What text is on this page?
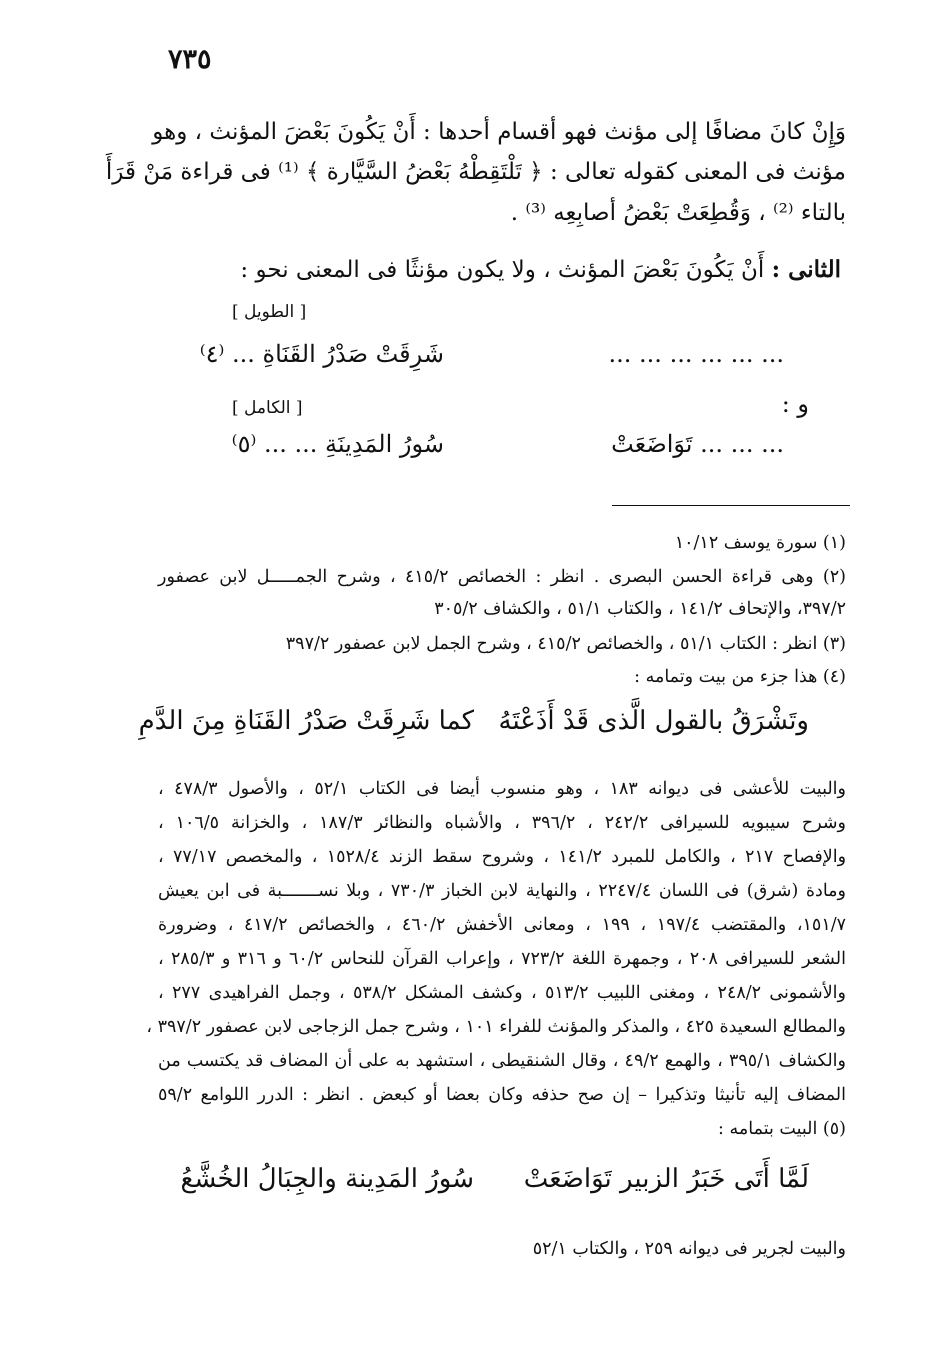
٧٣٥
وَإِنْ كانَ مضافًا إلى مؤنث فهو أقسام أحدها : أَنْ يَكُونَ بَعْضَ المؤنث ، وهو
مؤنث فى المعنى كقوله تعالى : ﴿ تَلْتَقِطْهُ بَعْضُ السَّيَّارة ﴾ ⁽¹⁾ فى قراءة مَنْ قَرَأَ
بالتاء ⁽²⁾ ، وَقُطِعَتْ بَعْضُ أصابِعِه ⁽³⁾ .
الثانى : أَنْ يَكُونَ بَعْضَ المؤنث ، ولا يكون مؤنثًا فى المعنى نحو :
[ الطويل ]
... ... ... ... ... ...
شَرِقَتْ صَدْرُ القَنَاةِ ... ⁽٤⁾
و :
[ الكامل ]
... ... ... تَوَاضَعَتْ
سُورُ المَدِينَةِ ... ... ⁽٥⁾
(١) سورة يوسف ١٠/١٢
(٢) وهى قراءة الحسن البصرى . انظر : الخصائص ٤١٥/٢ ، وشرح الجمـــــل لابن عصفور
٣٩٧/٢، والإتحاف ١٤١/٢ ، والكتاب ٥١/١ ، والكشاف ٣٠٥/٢
(٣) انظر : الكتاب ٥١/١ ، والخصائص ٤١٥/٢ ، وشرح الجمل لابن عصفور ٣٩٧/٢
(٤) هذا جزء من بيت وتمامه :
وتَشْرَقُ بالقول الَّذى قَدْ أَذَعْتَهُ
كما شَرِقَتْ صَدْرُ القَنَاةِ مِنَ الدَّمِ
والبيت للأعشى فى ديوانه ١٨٣ ، وهو منسوب أيضا فى الكتاب ٥٢/١ ، والأصول ٤٧٨/٣ ،
وشرح سيبويه للسيرافى ٢٤٢/٢ ، ٣٩٦/٢ ، والأشباه والنظائر ١٨٧/٣ ، والخزانة ١٠٦/٥ ،
والإفصاح ٢١٧ ، والكامل للمبرد ١٤١/٢ ، وشروح سقط الزند ١٥٢٨/٤ ، والمخصص ٧٧/١٧ ،
ومادة (شرق) فى اللسان ٢٢٤٧/٤ ، والنهاية لابن الخباز ٧٣٠/٣ ، وبلا نســـــــبة فى ابن يعيش
١٥١/٧، والمقتضب ١٩٧/٤ ، ١٩٩ ، ومعانى الأخفش ٤٦٠/٢ ، والخصائص ٤١٧/٢ ، وضرورة
الشعر للسيرافى ٢٠٨ ، وجمهرة اللغة ٧٢٣/٢ ، وإعراب القرآن للنحاس ٦٠/٢ و ٣١٦ و ٢٨٥/٣ ،
والأشمونى ٢٤٨/٢ ، ومغنى اللبيب ٥١٣/٢ ، وكشف المشكل ٥٣٨/٢ ، وجمل الفراهيدى ٢٧٧ ،
والمطالع السعيدة ٤٢٥ ، والمذكر والمؤنث للفراء ١٠١ ، وشرح جمل الزجاجى لابن عصفور ٣٩٧/٢ ،
والكشاف ٣٩٥/١ ، والهمع ٤٩/٢ ، وقال الشنقيطى ، استشهد به على أن المضاف قد يكتسب من
المضاف إليه تأنيثا وتذكيرا – إن صح حذفه وكان بعضا أو كبعض . انظر : الدرر اللوامع ٥٩/٢
(٥) البيت بتمامه :
لَمَّا أَتَى خَبَرُ الزبير تَوَاضَعَتْ
سُورُ المَدِينة والجِبَالُ الخُشَّعُ
والبيت لجرير فى ديوانه ٢٥٩ ، والكتاب ٥٢/١
